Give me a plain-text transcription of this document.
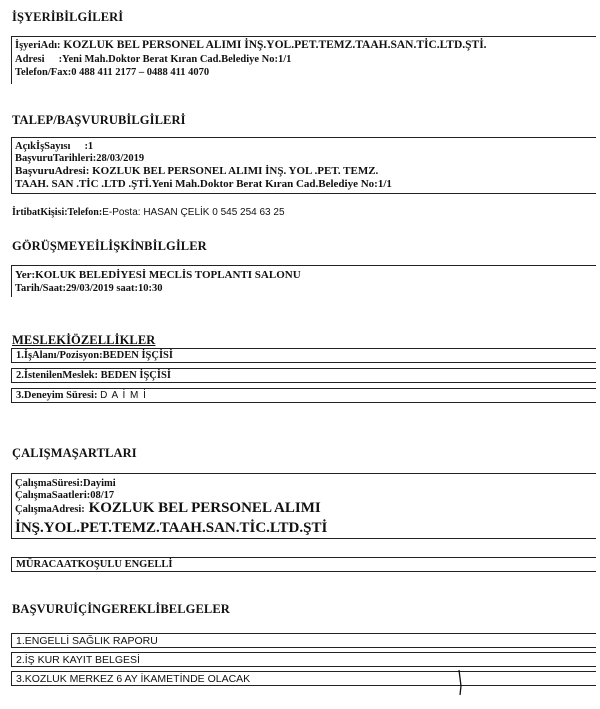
İŞYERİBİLGİLERİ
İşyeriAdı: KOZLUK BEL PERSONEL ALIMI İNŞ.YOL.PET.TEMZ.TAAH.SAN.TİC.LTD.ŞTİ.
Adresi :Yeni Mah.Doktor Berat Kıran Cad.Belediye No:1/1
Telefon/Fax:0 488 411 2177 – 0488 411 4070
TALEP/BAŞVURUBİLGİLERİ
AçıkİşSayısı :1
BaşvuruTarihleri:28/03/2019
BaşvuruAdresi: KOZLUK BEL PERSONEL ALIMI İNŞ. YOL .PET. TEMZ.
TAAH. SAN .TİC .LTD .ŞTİ.Yeni Mah.Doktor Berat Kıran Cad.Belediye No:1/1
İrtibatKişisi:Telefon:E-Posta: HASAN ÇELİK 0 545 254 63 25
GÖRÜŞMEYEİLİŞKİNBİLGİLER
Yer:KOLUK BELEDİYESİ MECLİS TOPLANTI SALONU
Tarih/Saat:29/03/2019 saat:10:30
MESLEKİÖZELLİKLER
1.İşAlanı/Pozisyon:BEDEN İŞÇİSİ
2.İstenilenMeslek: BEDEN İŞÇİSİ
3.Deneyim Süresi: D A İ M İ
ÇALIŞMAŞARTLARI
ÇalışmaSüresi:Dayimi
ÇalışmaSaatleri:08/17
ÇalışmaAdresi: KOZLUK BEL PERSONEL ALIMI
İNŞ.YOL.PET.TEMZ.TAAH.SAN.TİC.LTD.ŞTİ
MÜRACAATKOŞULU ENGELLİ
BAŞVURUİÇİNGEREKLİBELGELER
1.ENGELLİ SAĞLIK RAPORU
2.İŞ KUR KAYIT BELGESİ
3.KOZLUK MERKEZ 6 AY İKAMETİNDE OLACAK
